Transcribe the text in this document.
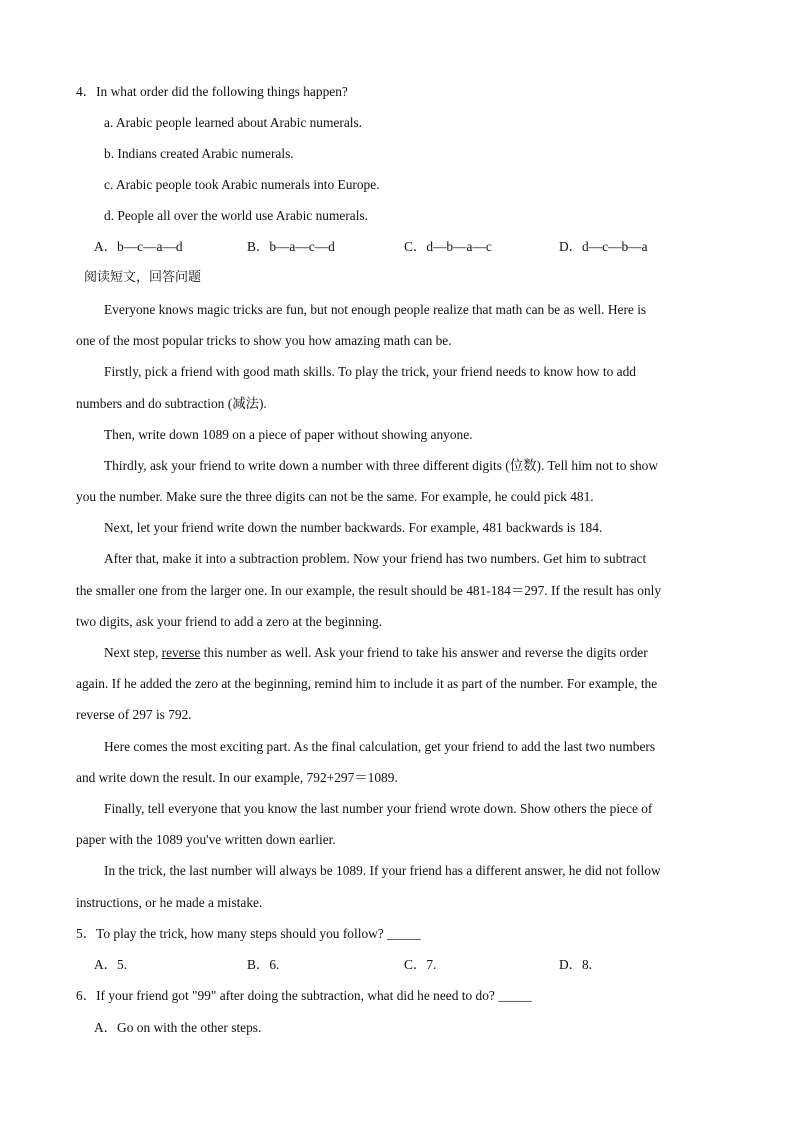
4．In what order did the following things happen?
a. Arabic people learned about Arabic numerals.
b. Indians created Arabic numerals.
c. Arabic people took Arabic numerals into Europe.
d. People all over the world use Arabic numerals.
A．b—c—a—d	B．b—a—c—d	C．d—b—a—c	D．d—c—b—a
阅读短文，回答问题
Everyone knows magic tricks are fun, but not enough people realize that math can be as well. Here is
one of the most popular tricks to show you how amazing math can be.
Firstly, pick a friend with good math skills. To play the trick, your friend needs to know how to add
numbers and do subtraction (减法).
Then, write down 1089 on a piece of paper without showing anyone.
Thirdly, ask your friend to write down a number with three different digits (位数). Tell him not to show
you the number. Make sure the three digits can not be the same. For example, he could pick 481.
Next, let your friend write down the number backwards. For example, 481 backwards is 184.
After that, make it into a subtraction problem. Now your friend has two numbers. Get him to subtract
the smaller one from the larger one. In our example, the result should be 481-184＝297. If the result has only
two digits, ask your friend to add a zero at the beginning.
Next step, reverse this number as well. Ask your friend to take his answer and reverse the digits order
again. If he added the zero at the beginning, remind him to include it as part of the number. For example, the
reverse of 297 is 792.
Here comes the most exciting part. As the final calculation, get your friend to add the last two numbers
and write down the result. In our example, 792+297＝1089.
Finally, tell everyone that you know the last number your friend wrote down. Show others the piece of
paper with the 1089 you've written down earlier.
In the trick, the last number will always be 1089. If your friend has a different answer, he did not follow
instructions, or he made a mistake.
5．To play the trick, how many steps should you follow? _____
A．5.	B．6.	C．7.	D．8.
6．If your friend got "99" after doing the subtraction, what did he need to do? _____
A．Go on with the other steps.
